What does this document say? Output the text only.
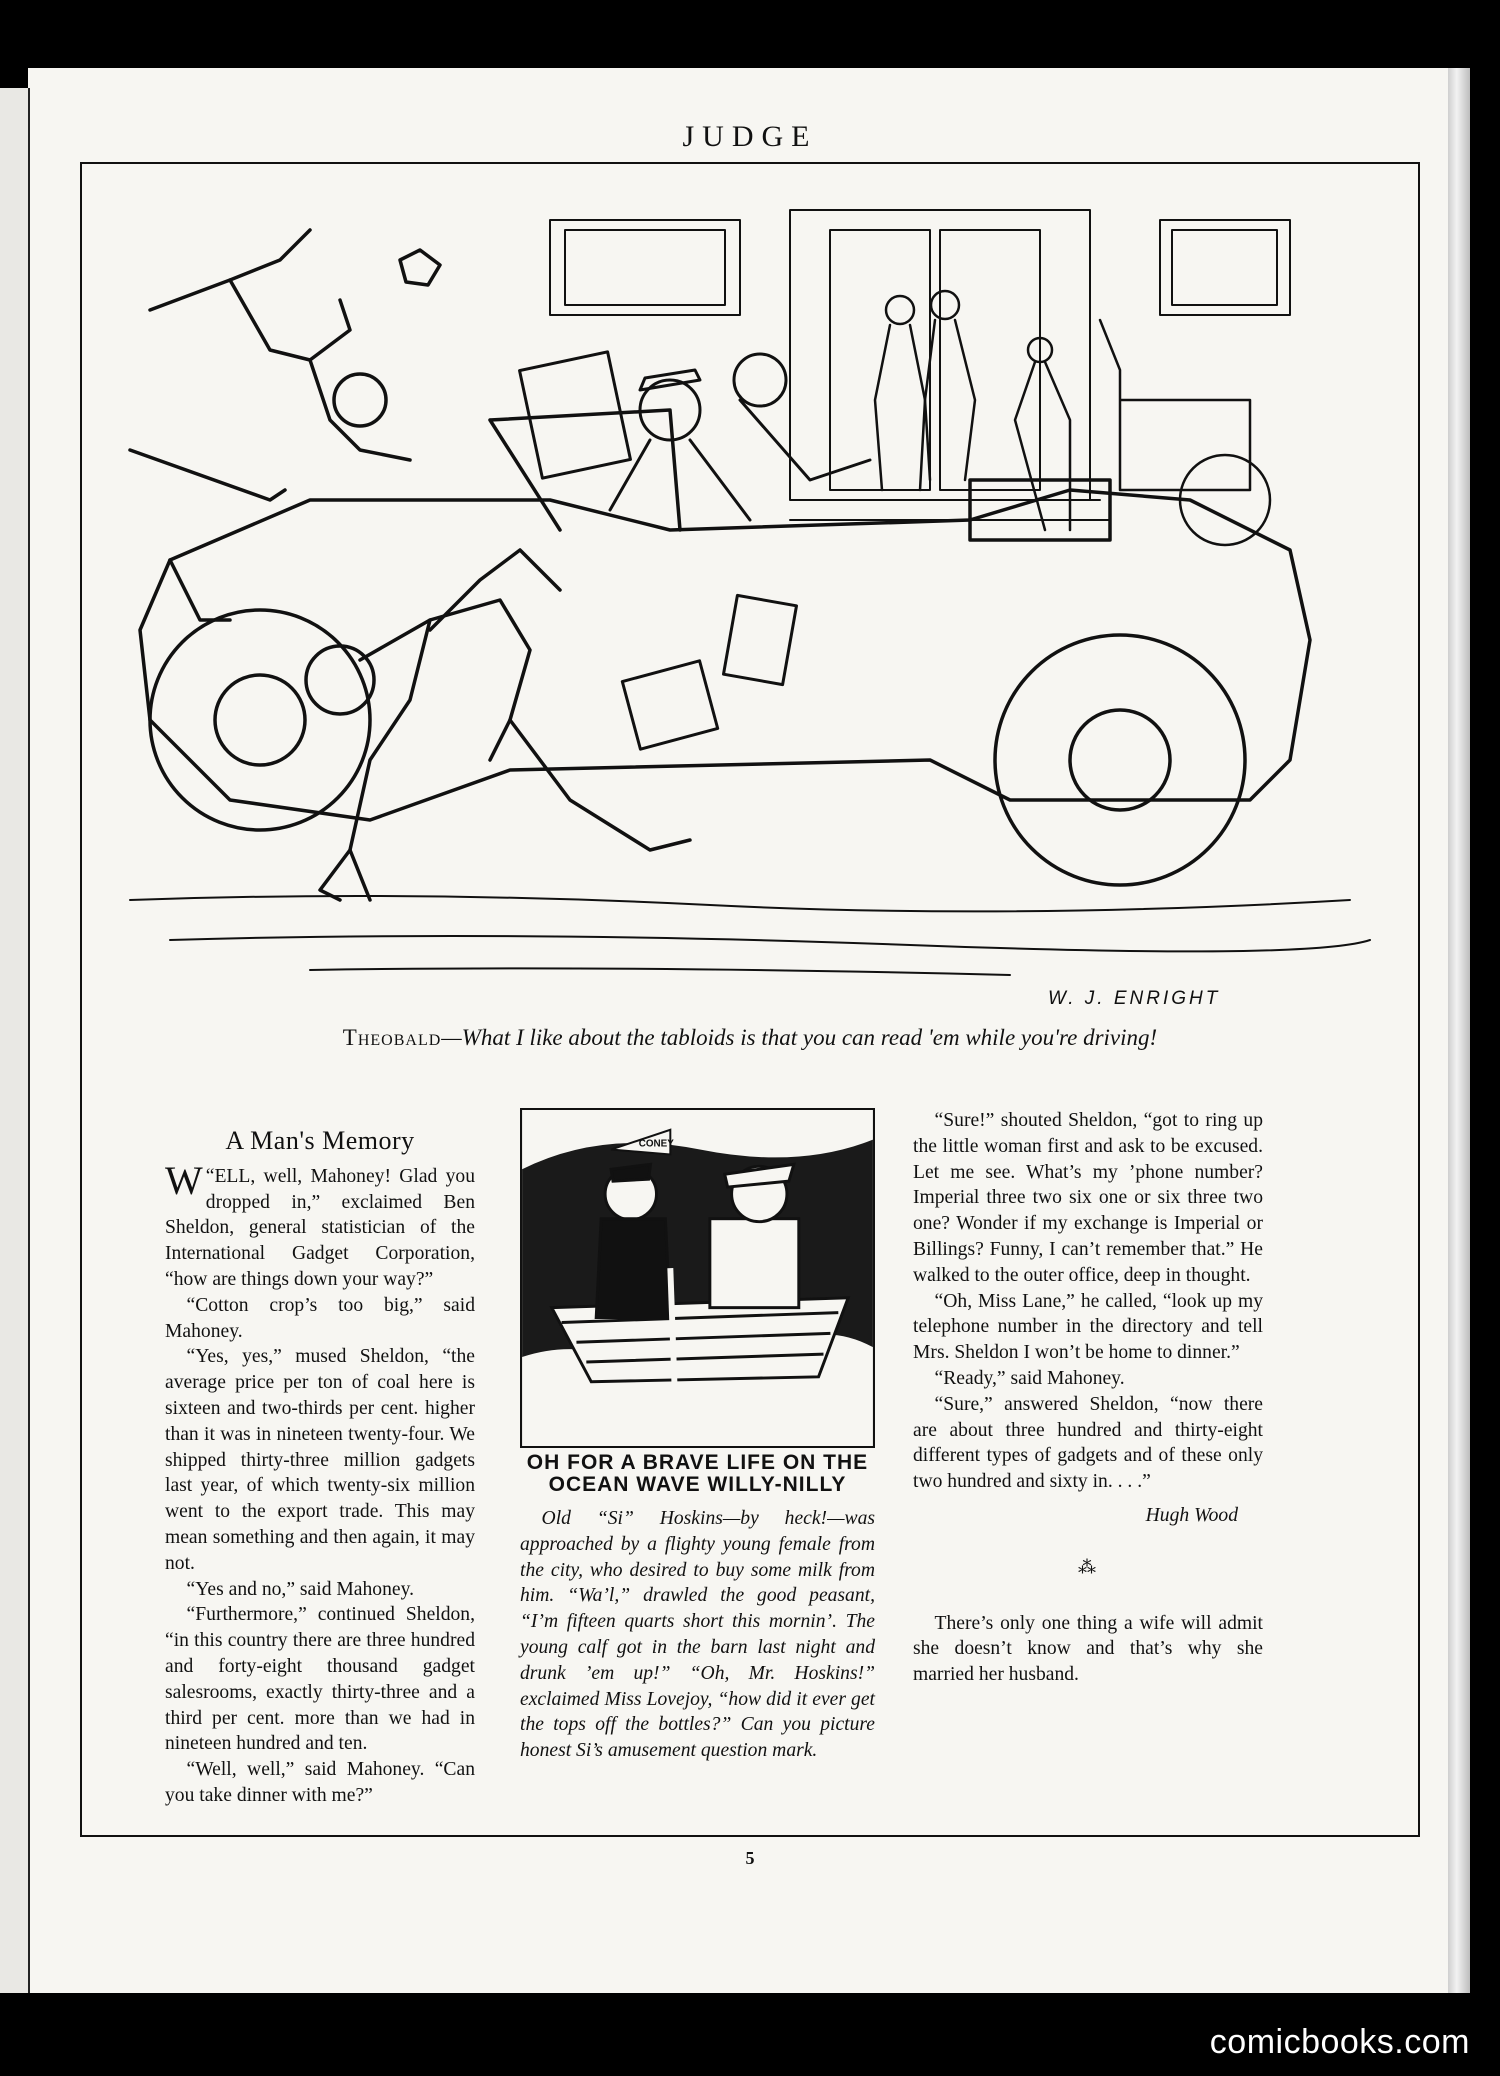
JUDGE
W. J. ENRIGHT
Theobald—What I like about the tabloids is that you can read 'em while you're driving!
A Man's Memory

W “ELL, well, Mahoney! Glad you dropped in,” exclaimed Ben Sheldon, general statistician of the International Gadget Corporation, “how are things down your way?”

“Cotton crop’s too big,” said Mahoney.

“Yes, yes,” mused Sheldon, “the average price per ton of coal here is sixteen and two-thirds per cent. higher than it was in nineteen twenty-four. We shipped thirty-three million gadgets last year, of which twenty-six million went to the export trade. This may mean something and then again, it may not.

“Yes and no,” said Mahoney.

“Furthermore,” continued Sheldon, “in this country there are three hundred and forty-eight thousand gadget salesrooms, exactly thirty-three and a third per cent. more than we had in nineteen hundred and ten.

“Well, well,” said Mahoney. “Can you take dinner with me?”

CONEY
OH FOR A BRAVE LIFE ON THE
OCEAN WAVE WILLY-NILLY

Old “Si” Hoskins—by heck!—was approached by a flighty young female from the city, who desired to buy some milk from him. “Wa’l,” drawled the good peasant, “I’m fifteen quarts short this mornin’. The young calf got in the barn last night and drunk ’em up!” “Oh, Mr. Hoskins!” exclaimed Miss Lovejoy, “how did it ever get the tops off the bottles?” Can you picture honest Si’s amusement question mark.

“Sure!” shouted Sheldon, “got to ring up the little woman first and ask to be excused. Let me see. What’s my ’phone number? Imperial three two six one or six three two one? Wonder if my exchange is Imperial or Billings? Funny, I can’t remember that.” He walked to the outer office, deep in thought.

“Oh, Miss Lane,” he called, “look up my telephone number in the directory and tell Mrs. Sheldon I won’t be home to dinner.”

“Ready,” said Mahoney.

“Sure,” answered Sheldon, “now there are about three hundred and thirty-eight different types of gadgets and of these only two hundred and sixty in. . . .”

Hugh Wood
⁂

There’s only one thing a wife will admit she doesn’t know and that’s why she married her husband.

5
comicbooks.com
